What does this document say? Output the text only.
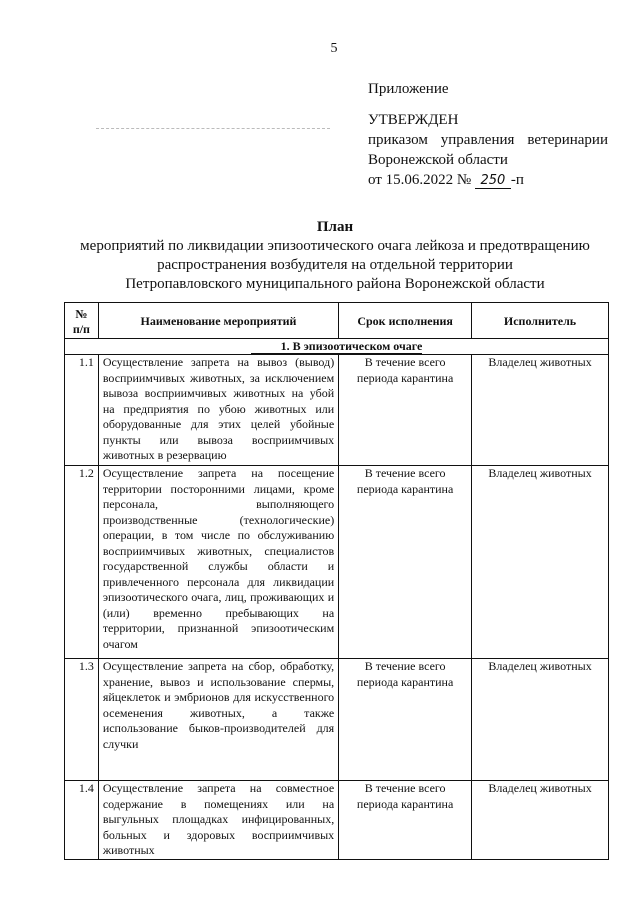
5
Приложение
УТВЕРЖДЕН
приказом управления ветеринарии
Воронежской области
от 15.06.2022 № 250 -п
План
мероприятий по ликвидации эпизоотического очага лейкоза и предотвращению
распространения возбудителя на отдельной территории
Петропавловского муниципального района Воронежской области
№ п/п	Наименование мероприятий	Срок исполнения	Исполнитель
1. В эпизоотическом очаге			
1.1	Осуществление запрета на вывоз (вывод) восприимчивых животных, за исключением вывоза восприимчивых животных на убой на предприятия по убою животных или оборудованные для этих целей убойные пункты или вывоза восприимчивых животных в резервацию	В течение всего периода карантина	Владелец животных
1.2	Осуществление запрета на посещение территории посторонними лицами, кроме персонала, выполняющего производственные (технологические) операции, в том числе по обслуживанию восприимчивых животных, специалистов государственной службы области и привлеченного персонала для ликвидации эпизоотического очага, лиц, проживающих и (или) временно пребывающих на территории, признанной эпизоотическим очагом	В течение всего периода карантина	Владелец животных
1.3	Осуществление запрета на сбор, обработку, хранение, вывоз и использование спермы, яйцеклеток и эмбрионов для искусственного осеменения животных, а также использование быков-производителей для случки	В течение всего периода карантина	Владелец животных
1.4	Осуществление запрета на совместное содержание в помещениях или на выгульных площадках инфицированных, больных и здоровых восприимчивых животных	В течение всего периода карантина	Владелец животных
